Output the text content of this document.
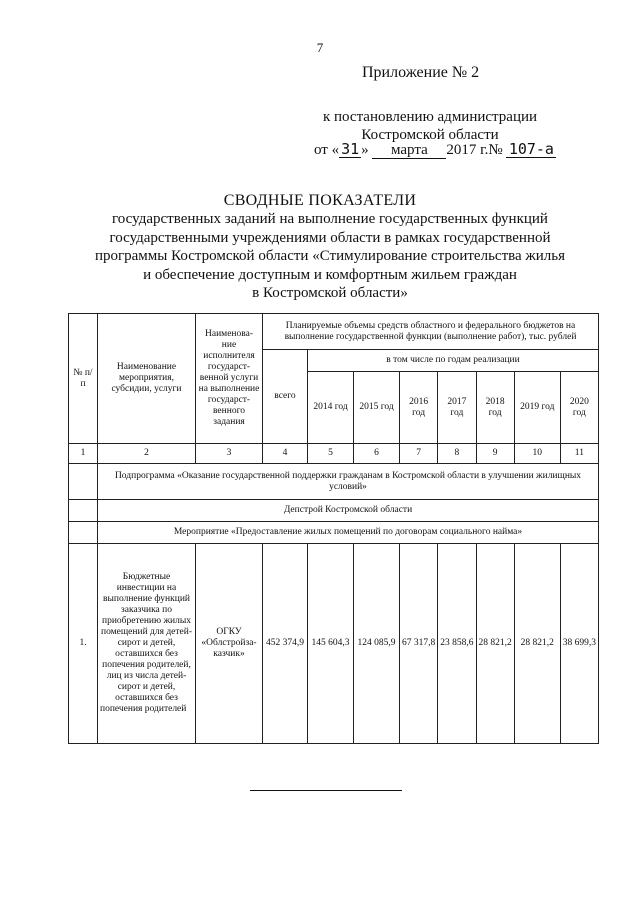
7
Приложение № 2
к постановлению администрации
Костромской области
от « 31 » марта 2017 г.№ 107-а
СВОДНЫЕ ПОКАЗАТЕЛИ
государственных заданий на выполнение государственных функций
государственными учреждениями области в рамках государственной
программы Костромской области «Стимулирование строительства жилья
и обеспечение доступным и комфортным жильем граждан
в Костромской области»
№ п/п	Наименование мероприятия, субсидии, услуги	Наименова-ние исполнителя государст-венной услуги на выполнение государст-венного задания	Планируемые объемы средств областного и федерального бюджетов на выполнение государственной функции (выполнение работ), тыс. рублей							
			всего	в том числе по годам реализации						
				2014 год	2015 год	2016 год	2017 год	2018 год	2019 год	2020 год
1	2	3	4	5	6	7	8	9	10	11
	Подпрограмма «Оказание государственной поддержки гражданам в Костромской области в улучшении жилищных условий»									
	Депстрой Костромской области									
	Мероприятие «Предоставление жилых помещений по договорам социального найма»									
1.	Бюджетные инвестиции на выполнение функций заказчика по приобретению жилых помещений для детей-сирот и детей, оставшихся без попечения родителей, лиц из числа детей-сирот и детей, оставшихся без попечения родителей	ОГКУ «Облстройза-казчик»	452 374,9	145 604,3	124 085,9	67 317,8	23 858,6	28 821,2	28 821,2	38 699,3
